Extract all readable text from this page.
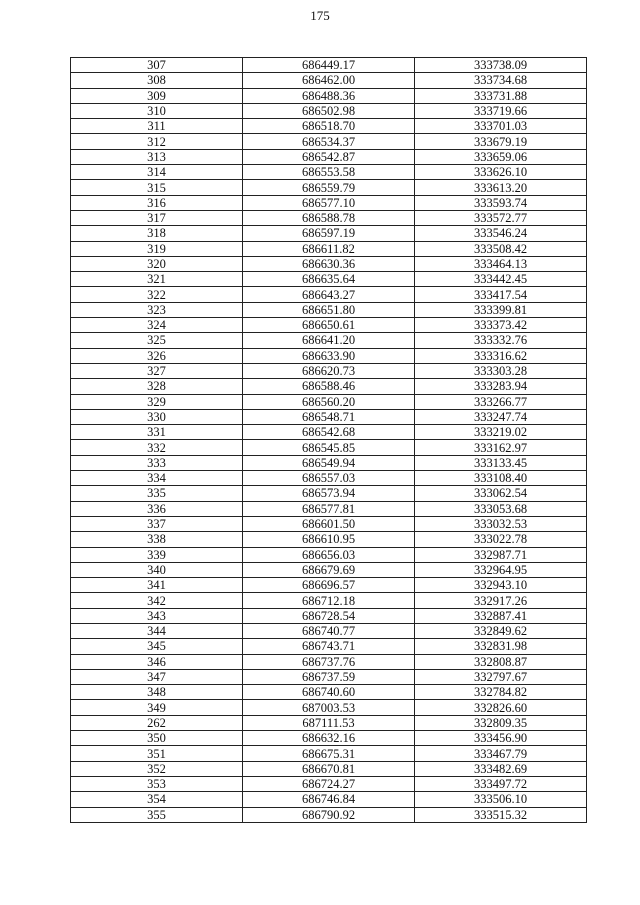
175
307	686449.17	333738.09
308	686462.00	333734.68
309	686488.36	333731.88
310	686502.98	333719.66
311	686518.70	333701.03
312	686534.37	333679.19
313	686542.87	333659.06
314	686553.58	333626.10
315	686559.79	333613.20
316	686577.10	333593.74
317	686588.78	333572.77
318	686597.19	333546.24
319	686611.82	333508.42
320	686630.36	333464.13
321	686635.64	333442.45
322	686643.27	333417.54
323	686651.80	333399.81
324	686650.61	333373.42
325	686641.20	333332.76
326	686633.90	333316.62
327	686620.73	333303.28
328	686588.46	333283.94
329	686560.20	333266.77
330	686548.71	333247.74
331	686542.68	333219.02
332	686545.85	333162.97
333	686549.94	333133.45
334	686557.03	333108.40
335	686573.94	333062.54
336	686577.81	333053.68
337	686601.50	333032.53
338	686610.95	333022.78
339	686656.03	332987.71
340	686679.69	332964.95
341	686696.57	332943.10
342	686712.18	332917.26
343	686728.54	332887.41
344	686740.77	332849.62
345	686743.71	332831.98
346	686737.76	332808.87
347	686737.59	332797.67
348	686740.60	332784.82
349	687003.53	332826.60
262	687111.53	332809.35
350	686632.16	333456.90
351	686675.31	333467.79
352	686670.81	333482.69
353	686724.27	333497.72
354	686746.84	333506.10
355	686790.92	333515.32
